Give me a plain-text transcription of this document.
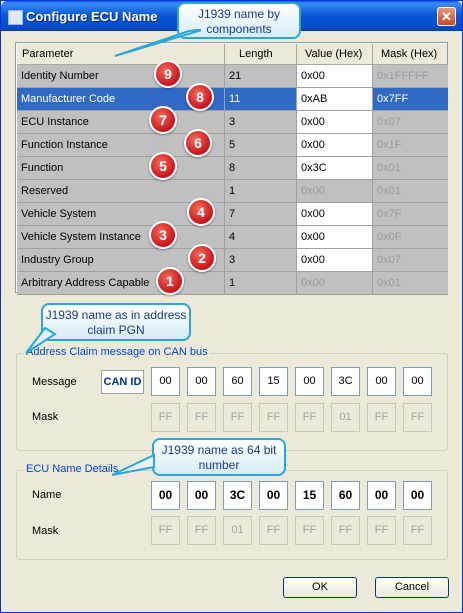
Configure ECU Name	✕
Parameter	Length	Value (Hex)	Mask (Hex)
Identity Number	21	0x00	0x1FFFFF
Manufacturer Code	11	0xAB	0x7FF
ECU Instance	3	0x00	0x07
Function Instance	5	0x00	0x1F
Function	8	0x3C	0x01
Reserved	1	0x00	0x01
Vehicle System	7	0x00	0x7F
Vehicle System Instance	4	0x00	0x0F
Industry Group	3	0x00	0x07
Arbitrary Address Capable	1	0x00	0x01
9
8
7
6
5
4
3
2
1
Address Claim message on CAN bus
Message CAN ID	00	00	60	15	00	3C	00	00
Mask	FF	FF	FF	FF	FF	01	FF	FF
ECU Name Details
Name	00	00	3C	00	15	60	00	00
Mask	FF	FF	01	FF	FF	FF	FF	FF
OK	Cancel
J1939 name by components
J1939 name as in address claim PGN
J1939 name as 64 bit number
